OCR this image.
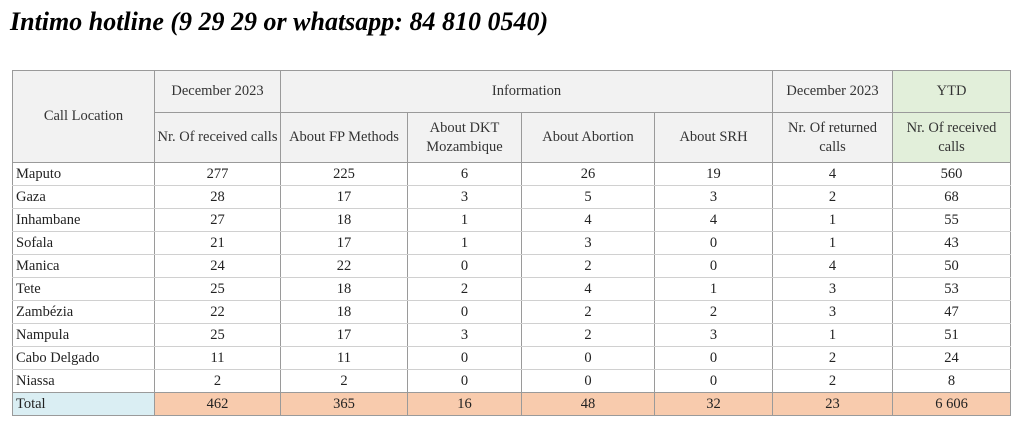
Intimo hotline (9 29 29 or whatsapp: 84 810 0540)
Call Location	December 2023	Information				December 2023	YTD
	Nr. Of received calls	About FP Methods	About DKT Mozambique	About Abortion	About SRH	Nr. Of returned calls	Nr. Of received calls
Maputo	277	225	6	26	19	4	560
Gaza	28	17	3	5	3	2	68
Inhambane	27	18	1	4	4	1	55
Sofala	21	17	1	3	0	1	43
Manica	24	22	0	2	0	4	50
Tete	25	18	2	4	1	3	53
Zambézia	22	18	0	2	2	3	47
Nampula	25	17	3	2	3	1	51
Cabo Delgado	11	11	0	0	0	2	24
Niassa	2	2	0	0	0	2	8
Total	462	365	16	48	32	23	6 606
